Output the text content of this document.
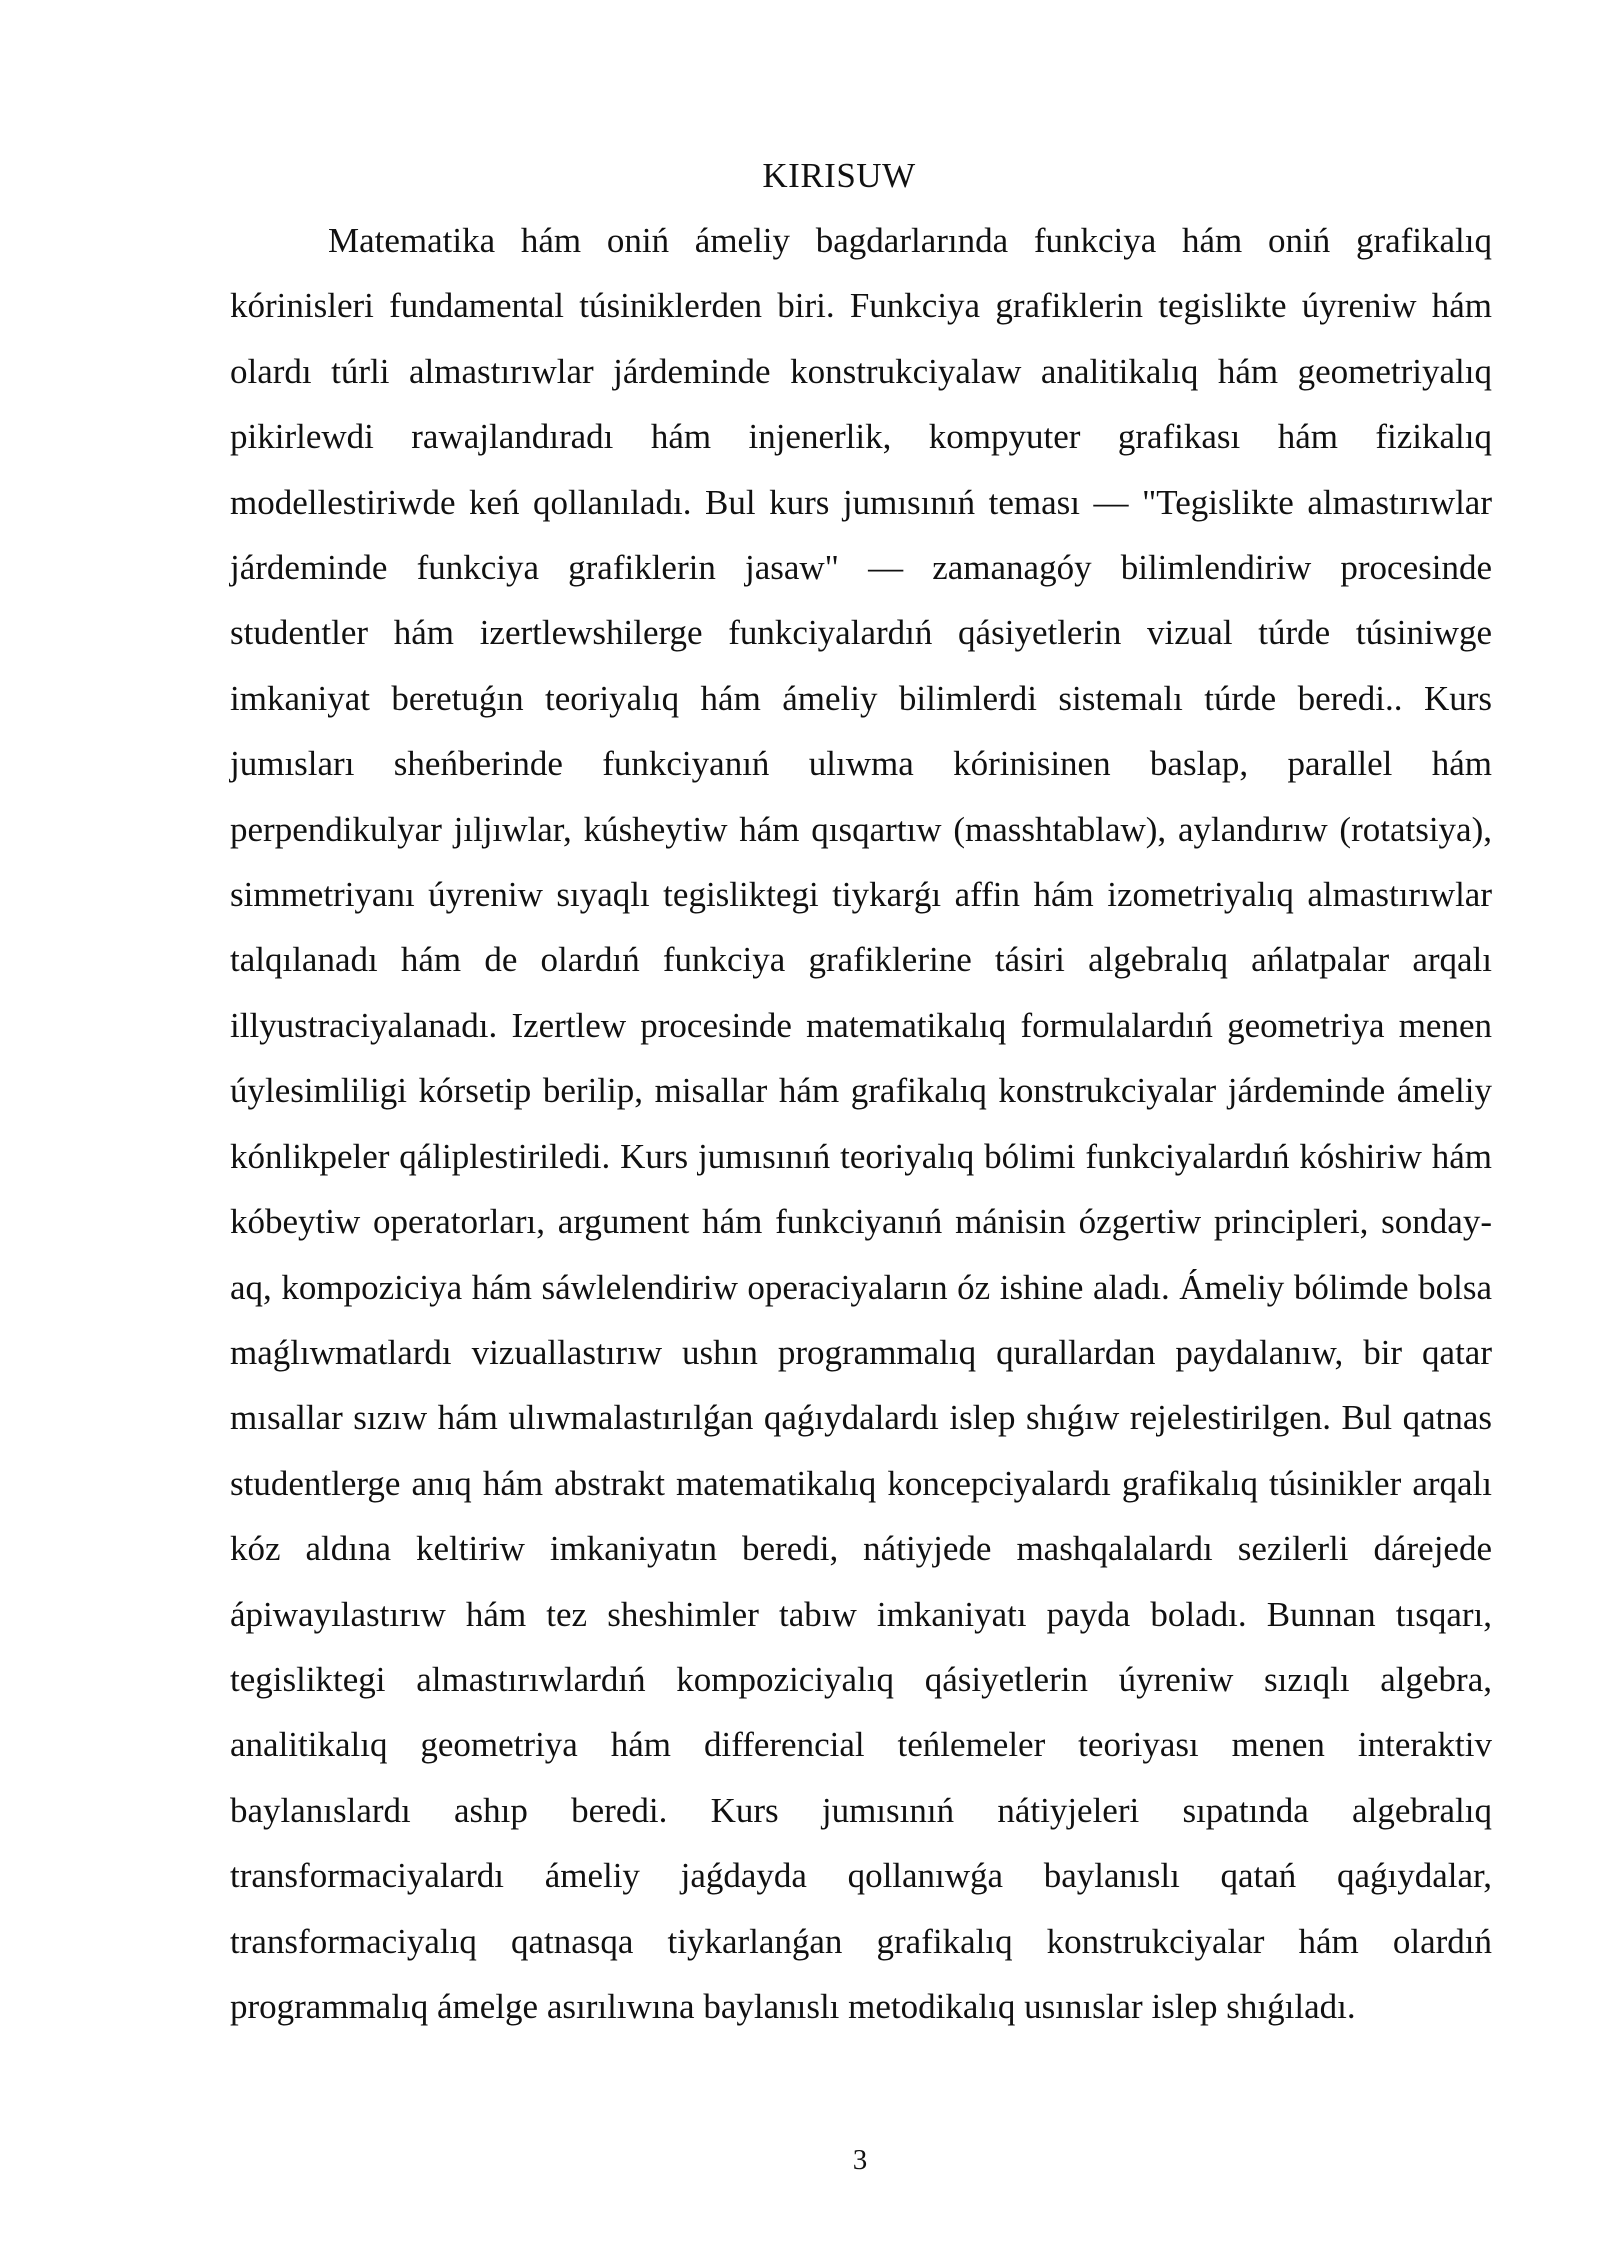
KIRISUW

Matematika hám oniń ámeliy bagdarlarında funkciya hám oniń grafikalıq kórinisleri fundamental túsiniklerden biri. Funkciya grafiklerin tegislikte úyreniw hám olardı túrli almastırıwlar járdeminde konstrukciyalaw analitikalıq hám geometriyalıq pikirlewdi rawajlandıradı hám injenerlik, kompyuter grafikası hám fizikalıq modellestiriwde keń qollanıladı. Bul kurs jumısınıń teması — "Tegislikte almastırıwlar járdeminde funkciya grafiklerin jasaw" — zamanagóy bilimlendiriw procesinde studentler hám izertlewshilerge funkciyalardıń qásiyetlerin vizual túrde túsiniwge imkaniyat beretuǵın teoriyalıq hám ámeliy bilimlerdi sistemalı túrde beredi.. Kurs jumısları sheńberinde funkciyanıń ulıwma kórinisinen baslap, parallel hám perpendikulyar jıljıwlar, kúsheytiw hám qısqartıw (masshtablaw), aylandırıw (rotatsiya), simmetriyanı úyreniw sıyaqlı tegisliktegi tiykarǵı affin hám izometriyalıq almastırıwlar talqılanadı hám de olardıń funkciya grafiklerine tásiri algebralıq ańlatpalar arqalı illyustraciyalanadı. Izertlew procesinde matematikalıq formulalardıń geometriya menen úylesimliligi kórsetip berilip, misallar hám grafikalıq konstrukciyalar járdeminde ámeliy kónlikpeler qáliplestiriledi. Kurs jumısınıń teoriyalıq bólimi funkciyalardıń kóshiriw hám kóbeytiw operatorları, argument hám funkciyanıń mánisin ózgertiw principleri, sonday-aq, kompoziciya hám sáwlelendiriw operaciyaların óz ishine aladı. Ámeliy bólimde bolsa maǵlıwmatlardı vizuallastırıw ushın programmalıq qurallardan paydalanıw, bir qatar mısallar sızıw hám ulıwmalastırılǵan qaǵıydalardı islep shıǵıw rejelestirilgen. Bul qatnas studentlerge anıq hám abstrakt matematikalıq koncepciyalardı grafikalıq túsinikler arqalı kóz aldına keltiriw imkaniyatın beredi, nátiyjede mashqalalardı sezilerli dárejede ápiwayılastırıw hám tez sheshimler tabıw imkaniyatı payda boladı. Bunnan tısqarı, tegisliktegi almastırıwlardıń kompoziciyalıq qásiyetlerin úyreniw sızıqlı algebra, analitikalıq geometriya hám differencial teńlemeler teoriyası menen interaktiv baylanıslardı ashıp beredi. Kurs jumısınıń nátiyjeleri sıpatında algebralıq transformaciyalardı ámeliy jaǵdayda qollanıwǵa baylanıslı qatań qaǵıydalar, transformaciyalıq qatnasqa tiykarlanǵan grafikalıq konstrukciyalar hám olardıń programmalıq ámelge asırılıwına baylanıslı metodikalıq usınıslar islep shıǵıladı.

3
